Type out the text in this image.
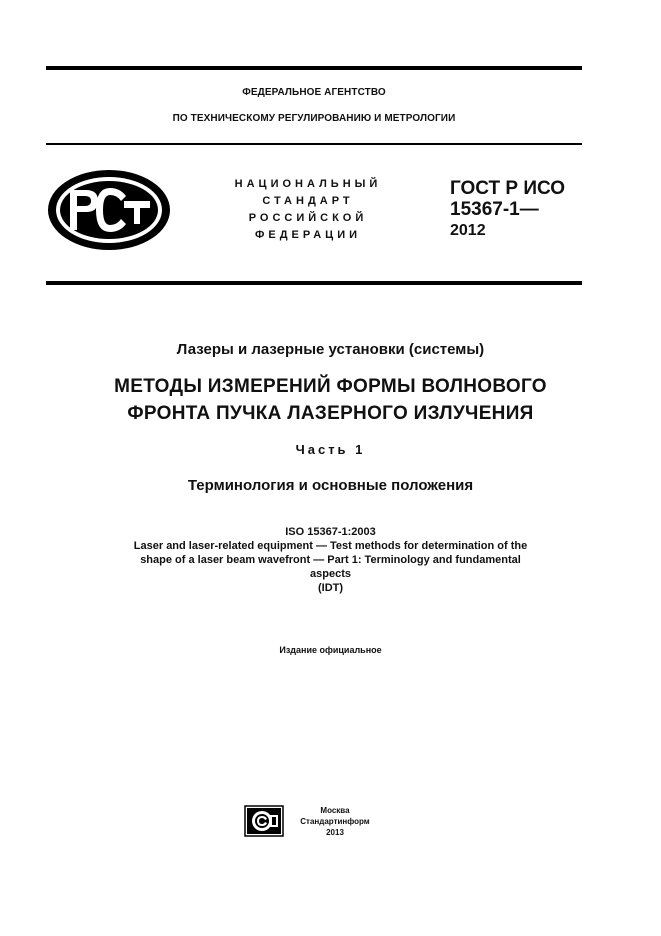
ФЕДЕРАЛЬНОЕ АГЕНТСТВО
ПО ТЕХНИЧЕСКОМУ РЕГУЛИРОВАНИЮ И МЕТРОЛОГИИ
НАЦИОНАЛЬНЫЙ
СТАНДАРТ
РОССИЙСКОЙ
ФЕДЕРАЦИИ
ГОСТ Р ИСО
15367-1—
2012
Лазеры и лазерные установки (системы)
МЕТОДЫ ИЗМЕРЕНИЙ ФОРМЫ ВОЛНОВОГО
ФРОНТА ПУЧКА ЛАЗЕРНОГО ИЗЛУЧЕНИЯ
Часть 1
Терминология и основные положения
ISO 15367-1:2003
Laser and laser-related equipment — Test methods for determination of the
shape of a laser beam wavefront — Part 1: Terminology and fundamental
aspects
(IDT)
Издание официальное
Москва
Стандартинформ
2013
